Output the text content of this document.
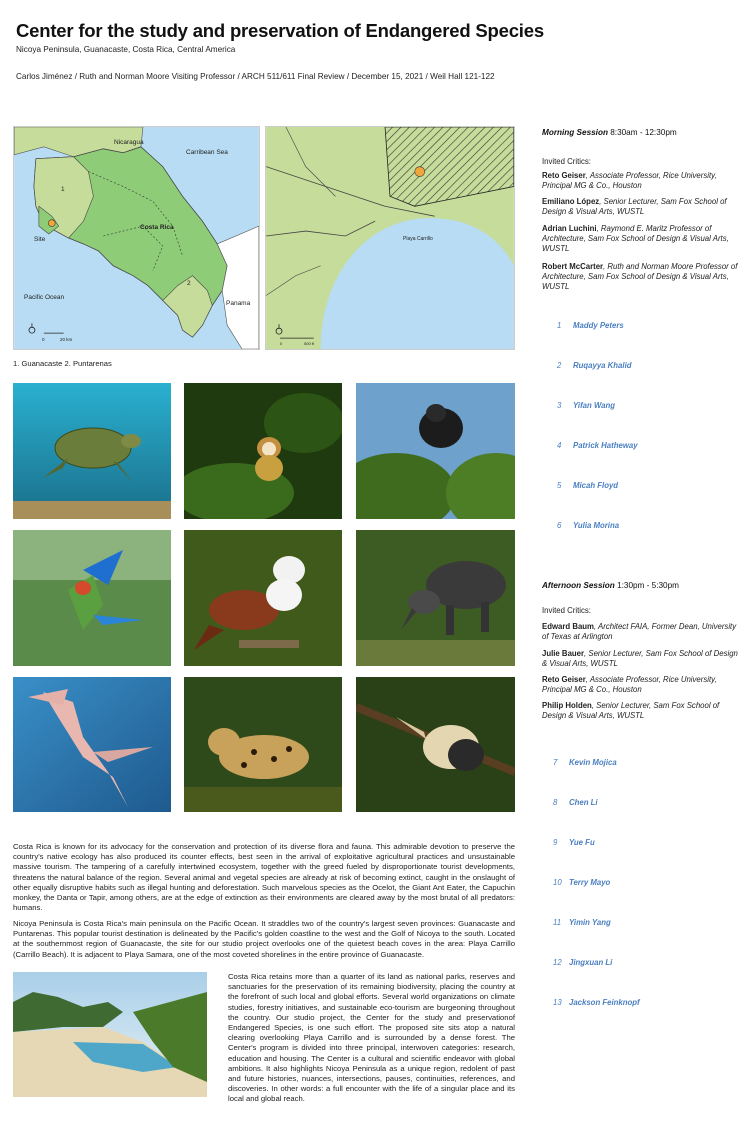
Center for the study and preservation of Endangered Species
Nicoya Peninsula, Guanacaste, Costa Rica, Central America
Carlos Jiménez / Ruth and Norman Moore Visiting Professor / ARCH 511/611 Final Review / December 15, 2021 / Weil Hall 121-122
Nicaragua
Carribean Sea
Costa Rica
Site
1
2
Pacific Ocean
Panama
0	20 km
Playa Carrillo
0	500 ft
1. Guanacaste 2. Puntarenas
Costa Rica is known for its advocacy for the conservation and protection of its diverse flora and fauna. This admirable devotion to preserve the country's native ecology has also produced its counter effects, best seen in the arrival of exploitative agricultural practices and unsustainable massive tourism. The tampering of a carefully intertwined ecosystem, together with the greed fueled by disproportionate tourist developments, threatens the natural balance of the region. Several animal and vegetal species are already at risk of becoming extinct, caught in the onslaught of other equally disruptive habits such as illegal hunting and deforestation. Such marvelous species as the Ocelot, the Giant Ant Eater, the Capuchin monkey, the Danta or Tapir, among others, are at the edge of extinction as their environments are cleared away by the most brutal of all predators: humans.
Nicoya Peninsula is Costa Rica's main peninsula on the Pacific Ocean. It straddles two of the country's largest seven provinces: Guanacaste and Puntarenas. This popular tourist destination is delineated by the Pacific's golden coastline to the west and the Golf of Nicoya to the south. Located at the southernmost region of Guanacaste, the site for our studio project overlooks one of the quietest beach coves in the area: Playa Carrillo (Carrillo Beach). It is adjacent to Playa Samara, one of the most coveted shorelines in the entire province of Guanacaste.
Costa Rica retains more than a quarter of its land as national parks, reserves and sanctuaries for the preservation of its remaining biodiversity, placing the country at the forefront of such local and global efforts. Several world organizations on climate studies, forestry initiatives, and sustainable eco-tourism are burgeoning throughout the country. Our studio project, the Center for the study and preservationof Endangered Species, is one such effort. The proposed site sits atop a natural clearing overlooking Playa Carrillo and is surrounded by a dense forest. The Center's program is divided into three principal, interwoven categories: research, education and housing. The Center is a cultural and scientific endeavor with global ambitions. It also highlights Nicoya Peninsula as a unique region, redolent of past and future histories, nuances, intersections, pauses, continuities, references, and discoveries. In other words: a full encounter with the life of a singular place and its local and global reach.
Morning Session 8:30am - 12:30pm
Invited Critics:
Reto Geiser, Associate Professor, Rice University, Principal MG & Co., Houston
Emiliano López, Senior Lecturer, Sam Fox School of Design & Visual Arts, WUSTL
Adrian Luchini, Raymond E. Maritz Professor of Architecture, Sam Fox School of Design & Visual Arts, WUSTL
Robert McCarter, Ruth and Norman Moore Professor of Architecture, Sam Fox School of Design & Visual Arts, WUSTL
1 Maddy Peters
2 Ruqayya Khalid
3 Yifan Wang
4 Patrick Hatheway
5 Micah Floyd
6 Yulia Morina
Afternoon Session 1:30pm - 5:30pm
Invited Critics:
Edward Baum, Architect FAIA, Former Dean, University of Texas at Arlington
Julie Bauer, Senior Lecturer, Sam Fox School of Design & Visual Arts, WUSTL
Reto Geiser, Associate Professor, Rice University, Principal MG & Co., Houston
Philip Holden, Senior Lecturer, Sam Fox School of Design & Visual Arts, WUSTL
7 Kevin Mojica
8 Chen Li
9 Yue Fu
10 Terry Mayo
11 Yimin Yang
12 Jingxuan Li
13 Jackson Feinknopf
